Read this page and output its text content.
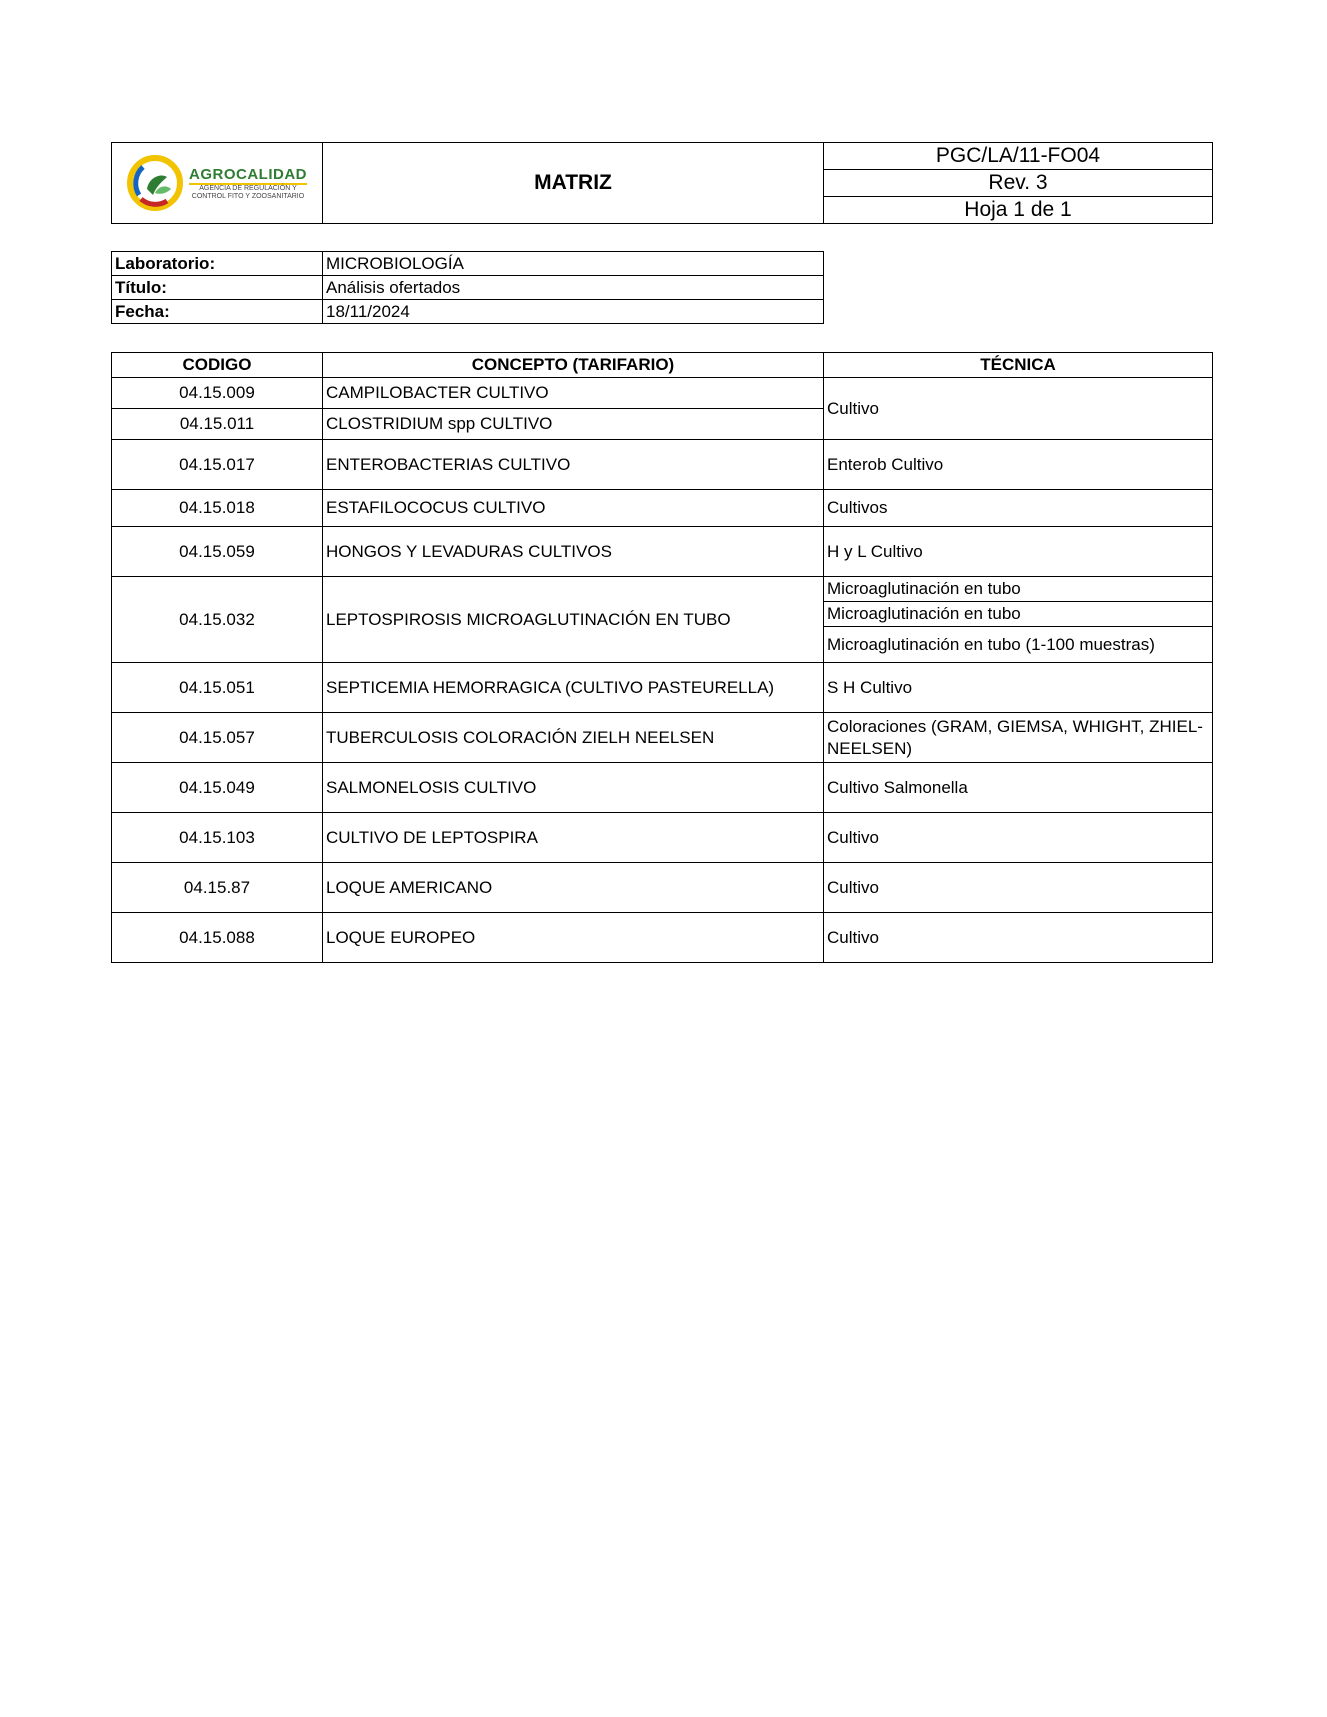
AGROCALIDAD
AGENCIA DE REGULACIÓN Y
CONTROL FITO Y ZOOSANITARIO
	MATRIZ	PGC/LA/11-FO04
Rev. 3
Hoja 1 de 1
Laboratorio:	MICROBIOLOGÍA
Título:	Análisis ofertados
Fecha:	18/11/2024
CODIGO	CONCEPTO (TARIFARIO)	TÉCNICA
04.15.009	CAMPILOBACTER CULTIVO	Cultivo
04.15.011	CLOSTRIDIUM spp CULTIVO	
04.15.017	ENTEROBACTERIAS CULTIVO	Enterob Cultivo
04.15.018	ESTAFILOCOCUS CULTIVO	Cultivos
04.15.059	HONGOS Y LEVADURAS CULTIVOS	H y L Cultivo
04.15.032	LEPTOSPIROSIS MICROAGLUTINACIÓN EN TUBO	Microaglutinación en tubo
		Microaglutinación en tubo
		Microaglutinación en tubo (1-100 muestras)
04.15.051	SEPTICEMIA HEMORRAGICA (CULTIVO PASTEURELLA)	S H Cultivo
04.15.057	TUBERCULOSIS COLORACIÓN ZIELH NEELSEN	Coloraciones (GRAM, GIEMSA, WHIGHT, ZHIEL-NEELSEN)
04.15.049	SALMONELOSIS CULTIVO	Cultivo Salmonella
04.15.103	CULTIVO DE LEPTOSPIRA	Cultivo
04.15.87	LOQUE AMERICANO	Cultivo
04.15.088	LOQUE EUROPEO	Cultivo
